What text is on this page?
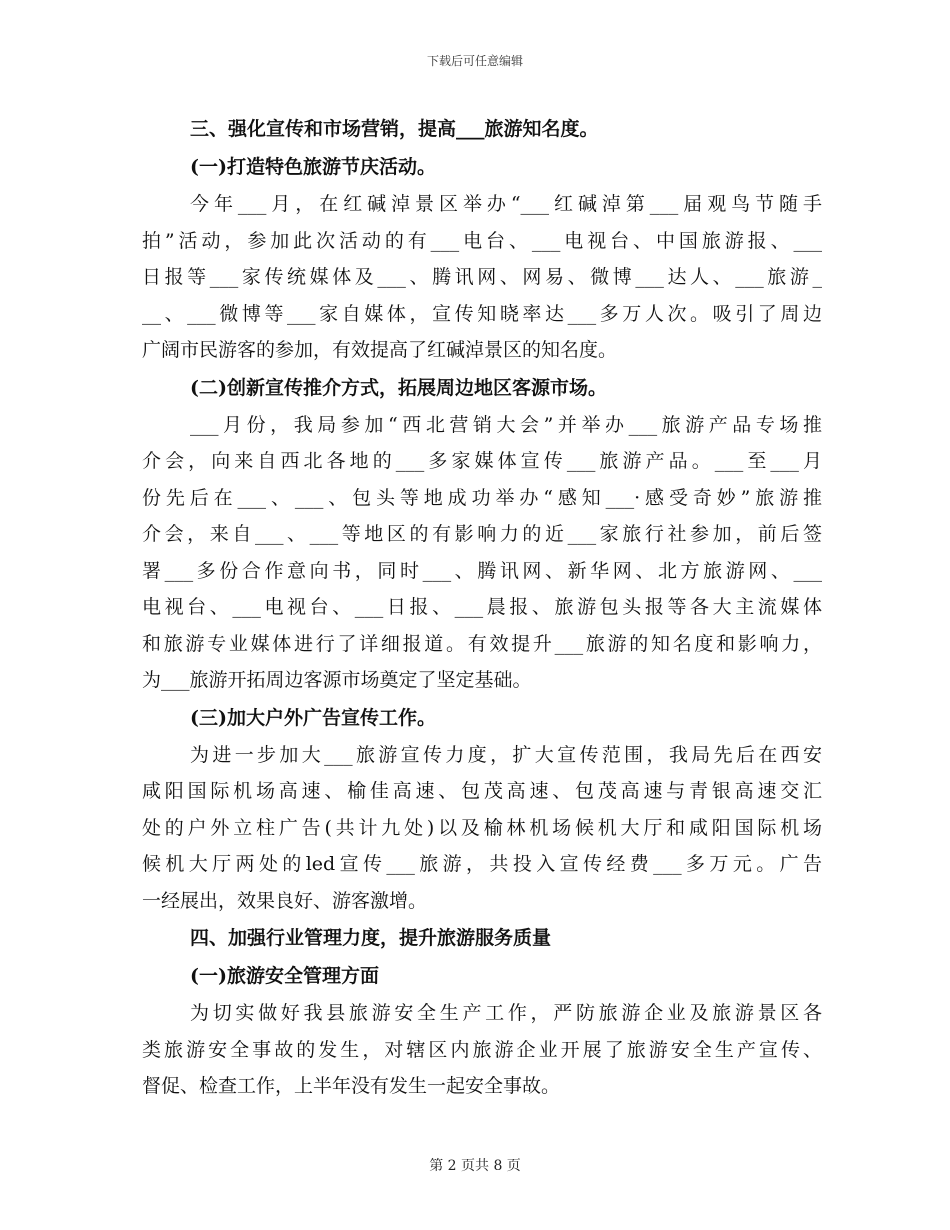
下载后可任意编辑
三、强化宣传和市场营销，提高___旅游知名度。
(一)打造特色旅游节庆活动。
今年___月，在红碱淖景区举办“___红碱淖第___届观鸟节随手
拍”活动，参加此次活动的有___电台、___电视台、中国旅游报、___
日报等___家传统媒体及___、腾讯网、网易、微博___达人、___旅游_
__、___微博等___家自媒体，宣传知晓率达___多万人次。吸引了周边
广阔市民游客的参加，有效提高了红碱淖景区的知名度。
(二)创新宣传推介方式，拓展周边地区客源市场。
___月份，我局参加“西北营销大会”并举办___旅游产品专场推
介会，向来自西北各地的___多家媒体宣传___旅游产品。___至___月
份先后在___、___、包头等地成功举办“感知___·感受奇妙”旅游推
介会，来自___、___等地区的有影响力的近___家旅行社参加，前后签
署___多份合作意向书，同时___、腾讯网、新华网、北方旅游网、___
电视台、___电视台、___日报、___晨报、旅游包头报等各大主流媒体
和旅游专业媒体进行了详细报道。有效提升___旅游的知名度和影响力，
为___旅游开拓周边客源市场奠定了坚定基础。
(三)加大户外广告宣传工作。
为进一步加大___旅游宣传力度，扩大宣传范围，我局先后在西安
咸阳国际机场高速、榆佳高速、包茂高速、包茂高速与青银高速交汇
处的户外立柱广告(共计九处)以及榆林机场候机大厅和咸阳国际机场
候机大厅两处的led宣传___旅游，共投入宣传经费___多万元。广告
一经展出，效果良好、游客激增。
四、加强行业管理力度，提升旅游服务质量
(一)旅游安全管理方面
为切实做好我县旅游安全生产工作，严防旅游企业及旅游景区各
类旅游安全事故的发生，对辖区内旅游企业开展了旅游安全生产宣传、
督促、检查工作，上半年没有发生一起安全事故。
第 2 页共 8 页
